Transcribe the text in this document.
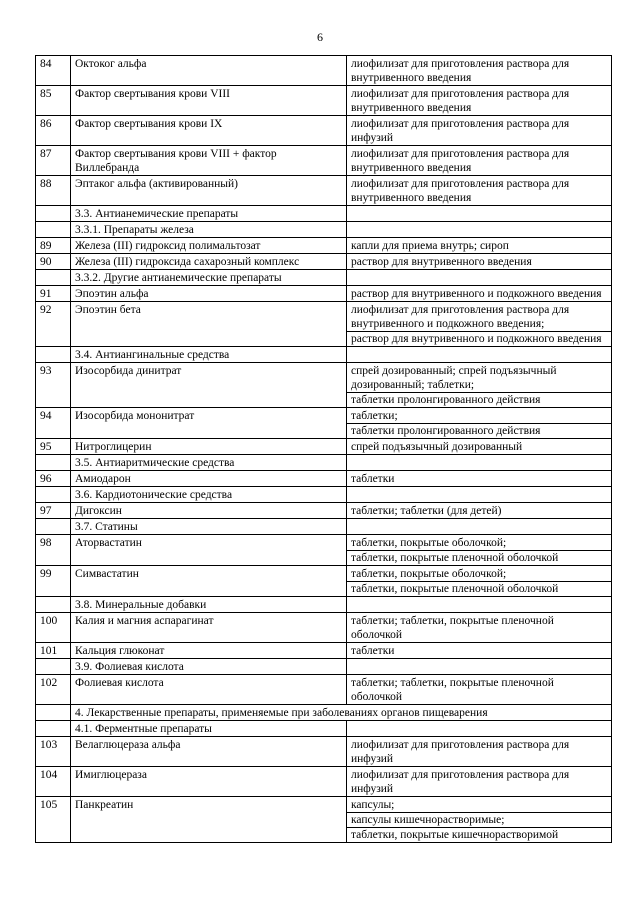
6
84	Октоког альфа	лиофилизат для приготовления раствора для внутривенного введения

85	Фактор свертывания крови VIII	лиофилизат для приготовления раствора для внутривенного введения

86	Фактор свертывания крови IX	лиофилизат для приготовления раствора для инфузий

87	Фактор свертывания крови VIII + фактор Виллебранда	лиофилизат для приготовления раствора для внутривенного введения

88	Эптаког альфа (активированный)	лиофилизат для приготовления раствора для внутривенного введения

	3.3. Антианемические препараты	
	3.3.1. Препараты железа	
89	Железа (III) гидроксид полимальтозат	капли для приема внутрь; сироп

90	Железа (III) гидроксида сахарозный комплекс	раствор для внутривенного введения

	3.3.2. Другие антианемические препараты	
91	Эпоэтин альфа	раствор для внутривенного и подкожного введения

92	Эпоэтин бета	лиофилизат для приготовления раствора для внутривенного и подкожного введения;
раствор для внутривенного и подкожного введения

	3.4. Антиангинальные средства	
93	Изосорбида динитрат	спрей дозированный; спрей подъязычный дозированный; таблетки;
таблетки пролонгированного действия

94	Изосорбида мононитрат	таблетки;
таблетки пролонгированного действия

95	Нитроглицерин	спрей подъязычный дозированный

	3.5. Антиаритмические средства	
96	Амиодарон	таблетки

	3.6. Кардиотонические средства	
97	Дигоксин	таблетки; таблетки (для детей)

	3.7. Статины	
98	Аторвастатин	таблетки, покрытые оболочкой;
таблетки, покрытые пленочной оболочкой

99	Симвастатин	таблетки, покрытые оболочкой;
таблетки, покрытые пленочной оболочкой

	3.8. Минеральные добавки	
100	Калия и магния аспарагинат	таблетки; таблетки, покрытые пленочной оболочкой

101	Кальция глюконат	таблетки

	3.9. Фолиевая кислота	
102	Фолиевая кислота	таблетки; таблетки, покрытые пленочной оболочкой

	4. Лекарственные препараты, применяемые при заболеваниях органов пищеварения	
	4.1. Ферментные препараты	
103	Велаглюцераза альфа	лиофилизат для приготовления раствора для инфузий

104	Имиглюцераза	лиофилизат для приготовления раствора для инфузий

105	Панкреатин	капсулы;
капсулы кишечнорастворимые;
таблетки, покрытые кишечнорастворимой
